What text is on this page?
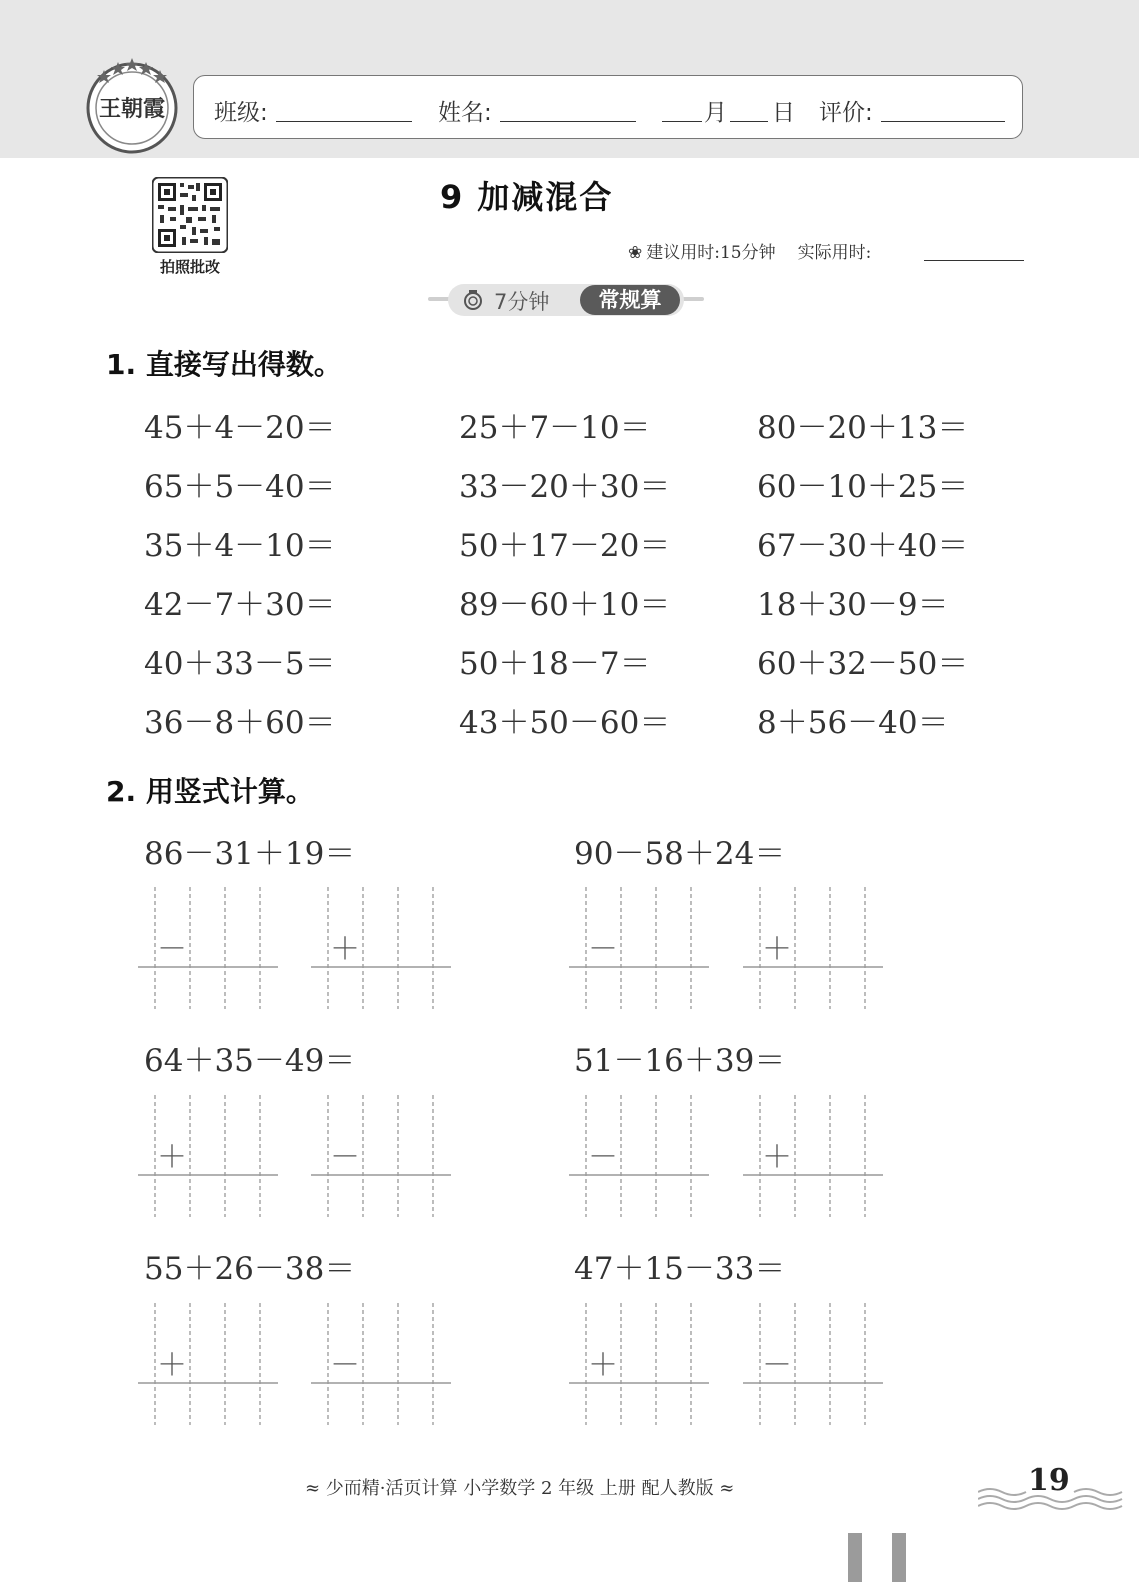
王朝霞 班级:	姓名:	月 日 评价:
拍照批改
9 加减混合
❀ 建议用时:15分钟 实际用时:
7分钟	常规算
1. 直接写出得数。
45＋4－20＝	25＋7－10＝	80－20＋13＝
65＋5－40＝	33－20＋30＝	60－10＋25＝
35＋4－10＝	50＋17－20＝	67－30＋40＝
42－7＋30＝	89－60＋10＝	18＋30－9＝
40＋33－5＝	50＋18－7＝	60＋32－50＝
36－8＋60＝	43＋50－60＝	8＋56－40＝
2. 用竖式计算。
86－31＋19＝	90－58＋24＝
64＋35－49＝	51－16＋39＝
55＋26－38＝	47＋15－33＝
－	＋	－	＋
＋	－	－	＋
＋	－	＋	－
≈ 少而精·活页计算 小学数学 2 年级 上册 配人教版 ≈	19
